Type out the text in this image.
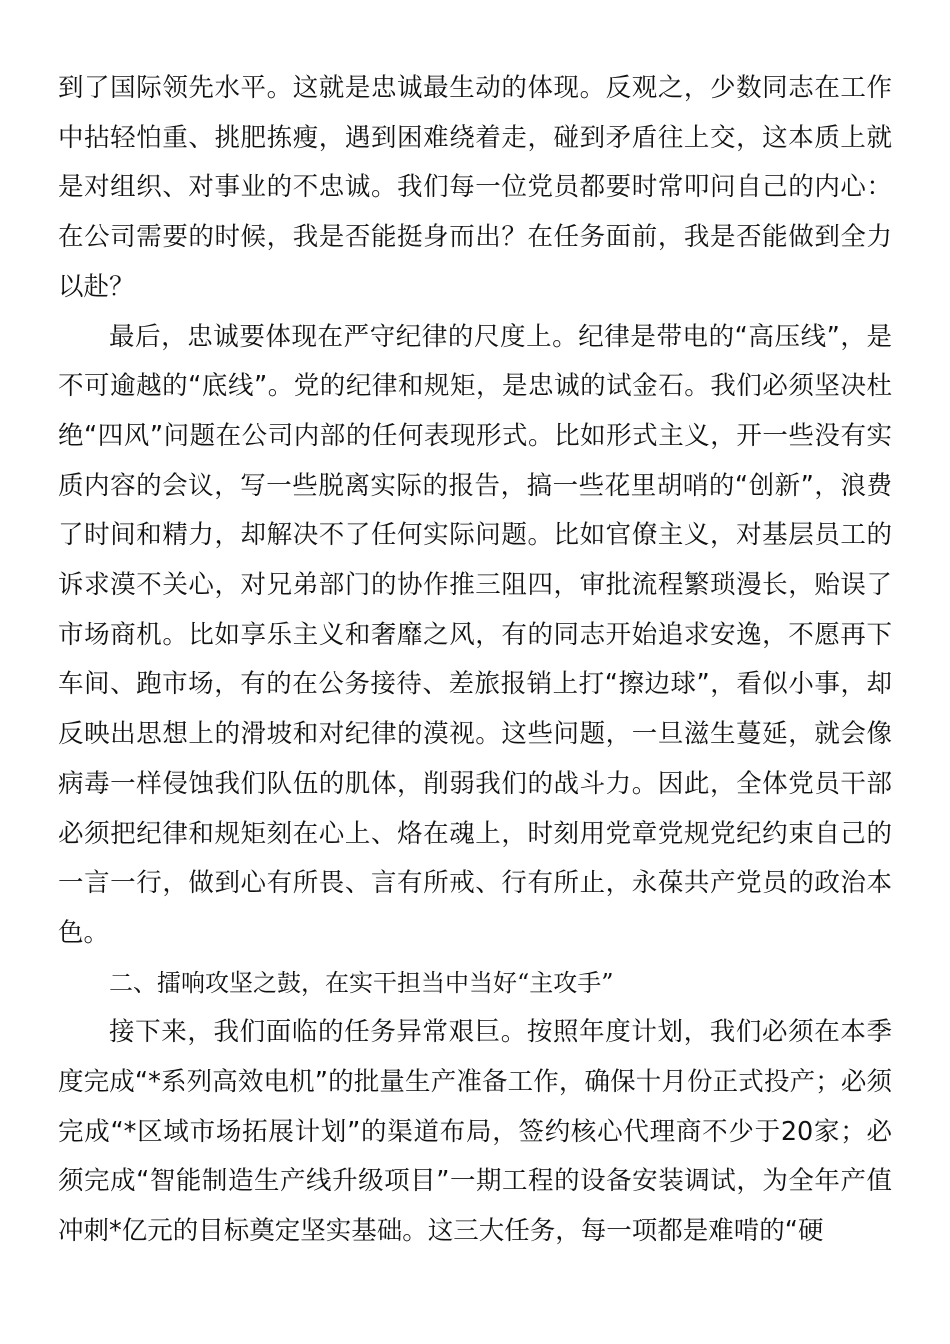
到了国际领先水平。这就是忠诚最生动的体现。反观之，少数同志在工作中拈轻怕重、挑肥拣瘦，遇到困难绕着走，碰到矛盾往上交，这本质上就是对组织、对事业的不忠诚。我们每一位党员都要时常叩问自己的内心：在公司需要的时候，我是否能挺身而出？在任务面前，我是否能做到全力以赴？

最后，忠诚要体现在严守纪律的尺度上。纪律是带电的“高压线”，是不可逾越的“底线”。党的纪律和规矩，是忠诚的试金石。我们必须坚决杜绝“四风”问题在公司内部的任何表现形式。比如形式主义，开一些没有实质内容的会议，写一些脱离实际的报告，搞一些花里胡哨的“创新”，浪费了时间和精力，却解决不了任何实际问题。比如官僚主义，对基层员工的诉求漠不关心，对兄弟部门的协作推三阻四，审批流程繁琐漫长，贻误了市场商机。比如享乐主义和奢靡之风，有的同志开始追求安逸，不愿再下车间、跑市场，有的在公务接待、差旅报销上打“擦边球”，看似小事，却反映出思想上的滑坡和对纪律的漠视。这些问题，一旦滋生蔓延，就会像病毒一样侵蚀我们队伍的肌体，削弱我们的战斗力。因此，全体党员干部必须把纪律和规矩刻在心上、烙在魂上，时刻用党章党规党纪约束自己的一言一行，做到心有所畏、言有所戒、行有所止，永葆共产党员的政治本色。

二、擂响攻坚之鼓，在实干担当中当好“主攻手”

接下来，我们面临的任务异常艰巨。按照年度计划，我们必须在本季度完成“*系列高效电机”的批量生产准备工作，确保十月份正式投产；必须完成“*区域市场拓展计划”的渠道布局，签约核心代理商不少于20家；必须完成“智能制造生产线升级项目”一期工程的设备安装调试，为全年产值冲刺*亿元的目标奠定坚实基础。这三大任务，每一项都是难啃的“硬
